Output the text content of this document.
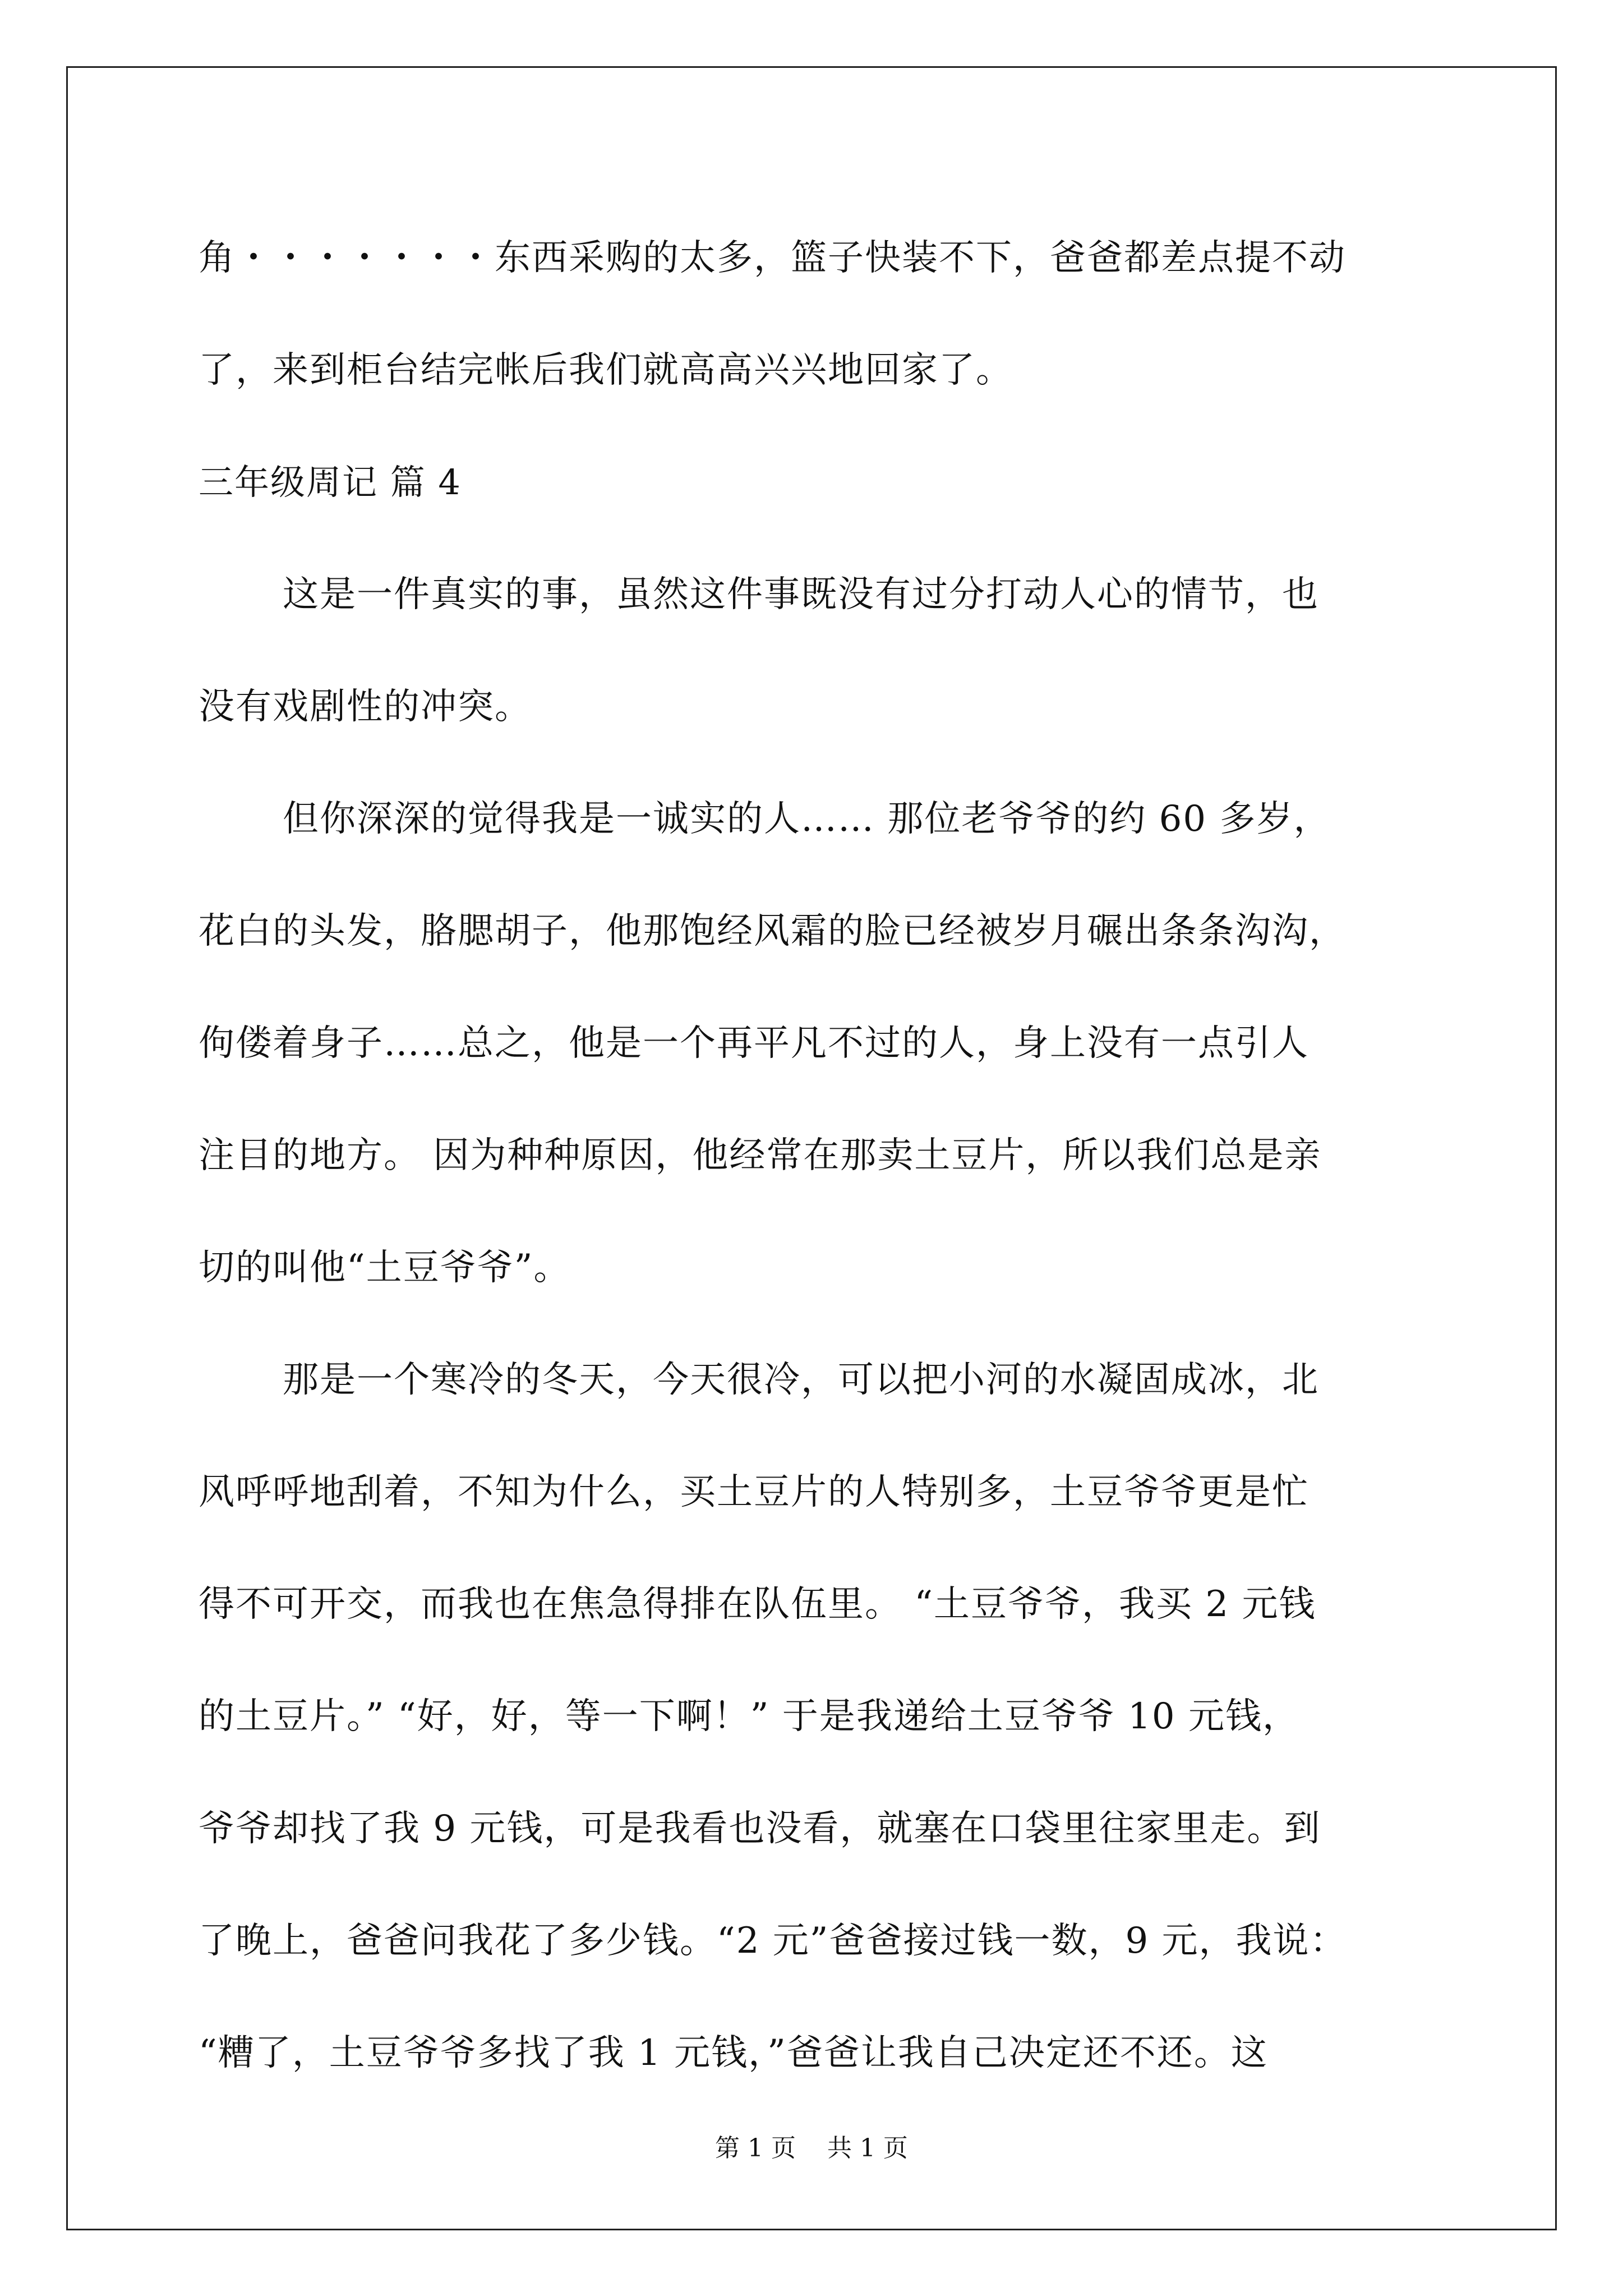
角・・・・・・・东西采购的太多，篮子快装不下，爸爸都差点提不动
了，来到柜台结完帐后我们就高高兴兴地回家了。
三年级周记 篇 4
这是一件真实的事，虽然这件事既没有过分打动人心的情节，也
没有戏剧性的冲突。
但你深深的觉得我是一诚实的人…… 那位老爷爷的约 60 多岁，
花白的头发，胳腮胡子，他那饱经风霜的脸已经被岁月碾出条条沟沟，
佝偻着身子……总之，他是一个再平凡不过的人，身上没有一点引人
注目的地方。 因为种种原因，他经常在那卖土豆片，所以我们总是亲
切的叫他“土豆爷爷”。
那是一个寒冷的冬天，今天很冷，可以把小河的水凝固成冰，北
风呼呼地刮着，不知为什么，买土豆片的人特别多，土豆爷爷更是忙
得不可开交，而我也在焦急得排在队伍里。 “土豆爷爷，我买 2 元钱
的土豆片。” “好，好，等一下啊！” 于是我递给土豆爷爷 10 元钱，
爷爷却找了我 9 元钱，可是我看也没看，就塞在口袋里往家里走。到
了晚上，爸爸问我花了多少钱。“2 元”爸爸接过钱一数，9 元，我说：
“糟了，土豆爷爷多找了我 1 元钱，”爸爸让我自己决定还不还。这
第 1 页    共 1 页
